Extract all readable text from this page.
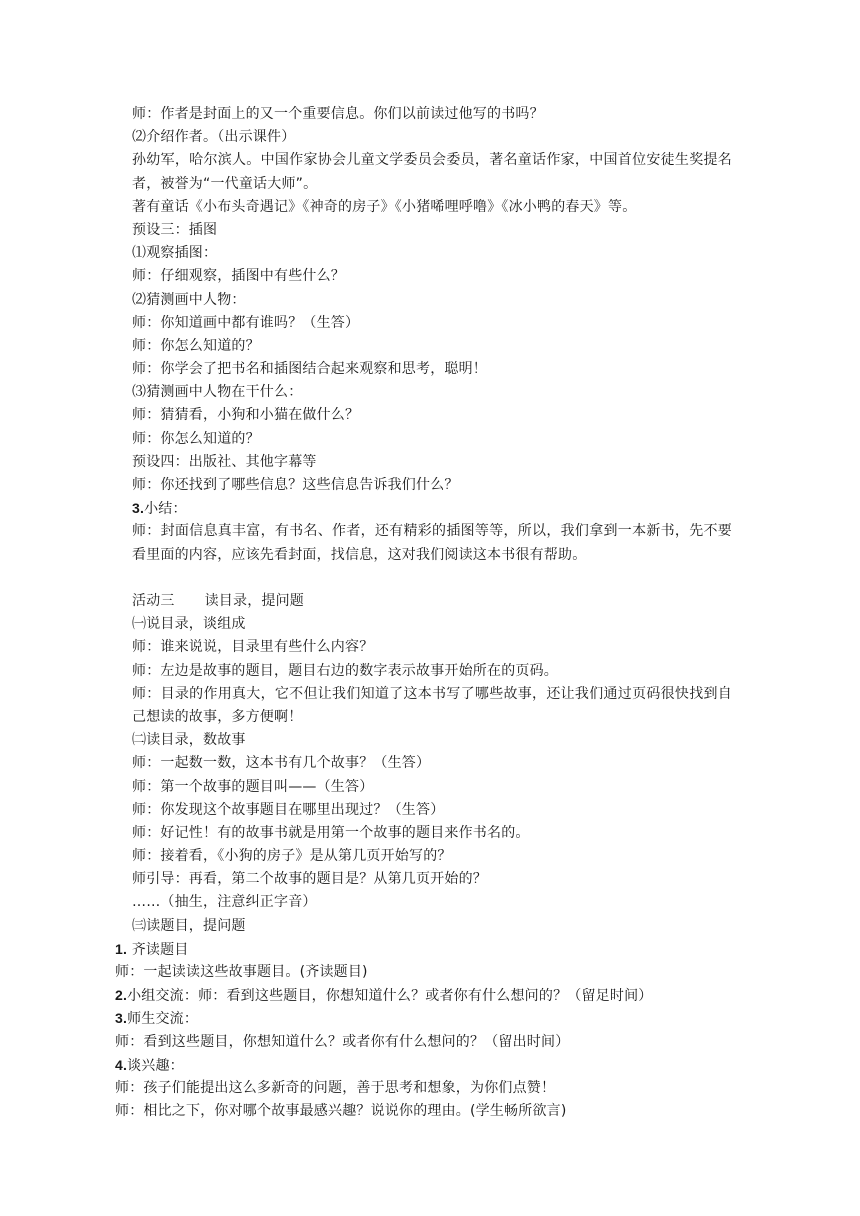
师：作者是封面上的又一个重要信息。你们以前读过他写的书吗？
⑵介绍作者。（出示课件）
孙幼军，哈尔滨人。中国作家协会儿童文学委员会委员，著名童话作家，中国首位安徒生奖提名者，被誉为“一代童话大师”。
著有童话《小布头奇遇记》《神奇的房子》《小猪唏哩呼噜》《冰小鸭的春天》等。
预设三：插图
⑴观察插图：
师：仔细观察，插图中有些什么？
⑵猜测画中人物：
师：你知道画中都有谁吗？（生答）
师：你怎么知道的？
师：你学会了把书名和插图结合起来观察和思考，聪明！
⑶猜测画中人物在干什么：
师：猜猜看，小狗和小猫在做什么？
师：你怎么知道的？
预设四：出版社、其他字幕等
师：你还找到了哪些信息？这些信息告诉我们什么？
3.小结：
师：封面信息真丰富，有书名、作者，还有精彩的插图等等，所以，我们拿到一本新书，先不要看里面的内容，应该先看封面，找信息，这对我们阅读这本书很有帮助。
活动三 读目录，提问题
㈠说目录，谈组成
师：谁来说说，目录里有些什么内容？
师：左边是故事的题目，题目右边的数字表示故事开始所在的页码。
师：目录的作用真大，它不但让我们知道了这本书写了哪些故事，还让我们通过页码很快找到自己想读的故事，多方便啊！
㈡读目录，数故事
师：一起数一数，这本书有几个故事？（生答）
师：第一个故事的题目叫——（生答）
师：你发现这个故事题目在哪里出现过？（生答）
师：好记性！有的故事书就是用第一个故事的题目来作书名的。
师：接着看，《小狗的房子》是从第几页开始写的？
师引导：再看，第二个故事的题目是？从第几页开始的？
……（抽生，注意纠正字音）
㈢读题目，提问题
1. 齐读题目
师：一起读读这些故事题目。(齐读题目)
2.小组交流：师：看到这些题目，你想知道什么？或者你有什么想问的？（留足时间）
3.师生交流：
师：看到这些题目，你想知道什么？或者你有什么想问的？（留出时间）
4.谈兴趣：
师：孩子们能提出这么多新奇的问题，善于思考和想象，为你们点赞！
师：相比之下，你对哪个故事最感兴趣？说说你的理由。(学生畅所欲言)
